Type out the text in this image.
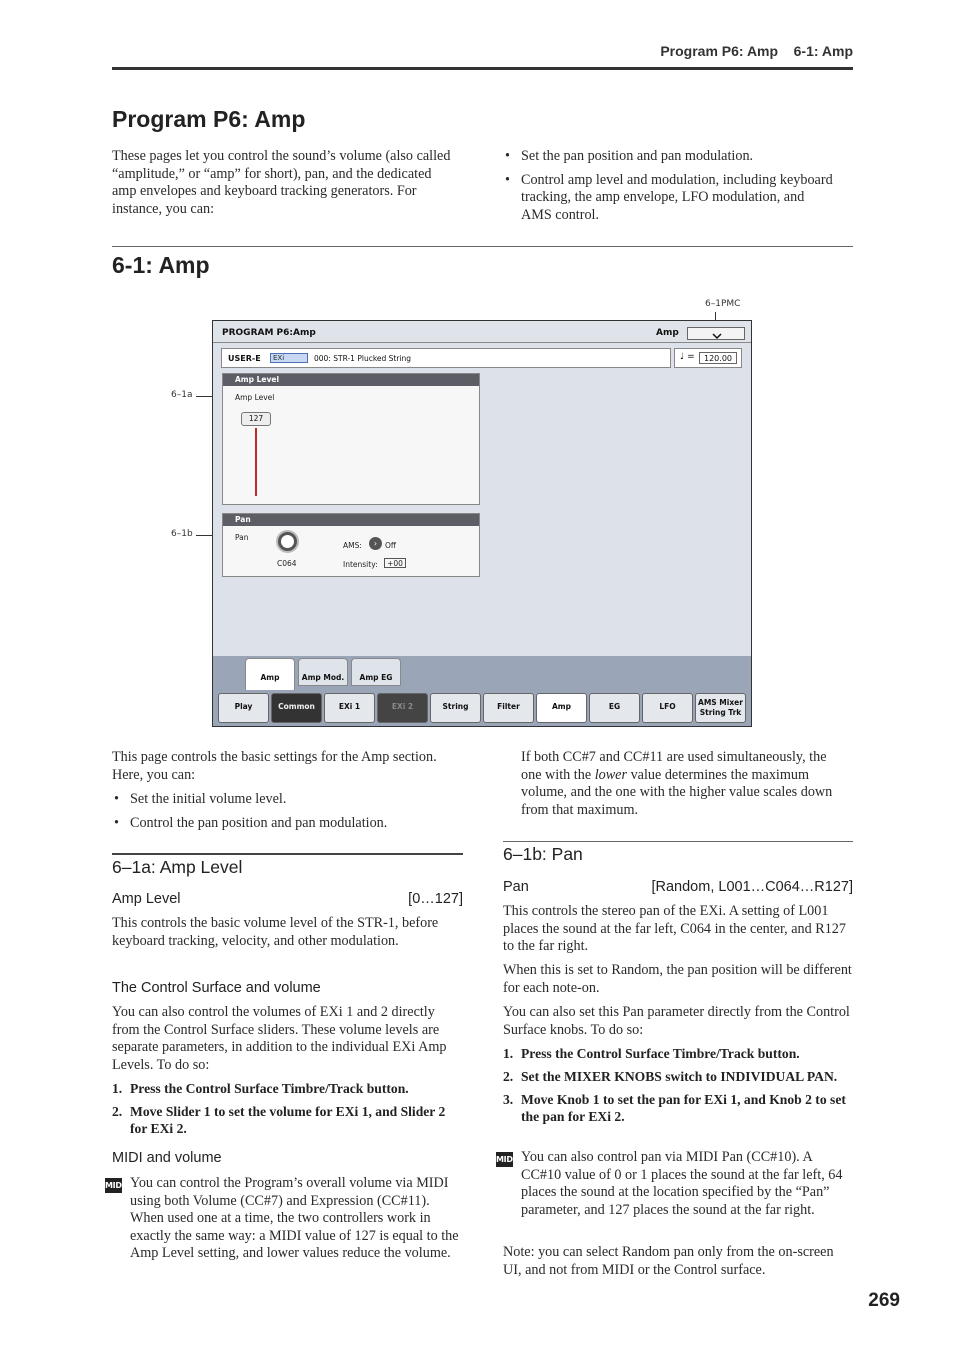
Program P6: Amp    6-1: Amp
Program P6: Amp
These pages let you control the sound’s volume (also called “amplitude,” or “amp” for short), pan, and the dedicated amp envelopes and keyboard tracking generators. For instance, you can:
• Set the pan position and pan modulation.
• Control amp level and modulation, including keyboard tracking, the amp envelope, LFO modulation, and AMS control.
6-1: Amp
6–1PMC
6–1a
6–1b
PROGRAM P6:Amp	Amp
USER-E	EXi	000: STR-1 Plucked String	♩ =	120.00
Amp Level
Amp Level
127
Pan
Pan
C064
AMS:	›	Off
Intensity:	+00
Amp	Amp Mod.	Amp EG
Play	Common	EXi 1	EXi 2	String	Filter	Amp	EG	LFO	AMS Mixer
String Trk
This page controls the basic settings for the Amp section. Here, you can:
• Set the initial volume level.
• Control the pan position and pan modulation.
6–1a: Amp Level
Amp Level	[0…127]
This controls the basic volume level of the STR-1, before keyboard tracking, velocity, and other modulation.
The Control Surface and volume
You can also control the volumes of EXi 1 and 2 directly from the Control Surface sliders. These volume levels are separate parameters, in addition to the individual EXi Amp Levels. To do so:
1. Press the Control Surface Timbre/Track button.
2. Move Slider 1 to set the volume for EXi 1, and Slider 2 for EXi 2.
MIDI and volume
MIDI You can control the Program’s overall volume via MIDI using both Volume (CC#7) and Expression (CC#11). When used one at a time, the two controllers work in exactly the same way: a MIDI value of 127 is equal to the Amp Level setting, and lower values reduce the volume.
If both CC#7 and CC#11 are used simultaneously, the one with the lower value determines the maximum volume, and the one with the higher value scales down from that maximum.
6–1b: Pan
Pan	[Random, L001…C064…R127]
This controls the stereo pan of the EXi. A setting of L001 places the sound at the far left, C064 in the center, and R127 to the far right.
When this is set to Random, the pan position will be different for each note-on.
You can also set this Pan parameter directly from the Control Surface knobs. To do so:
1. Press the Control Surface Timbre/Track button.
2. Set the MIXER KNOBS switch to INDIVIDUAL PAN.
3. Move Knob 1 to set the pan for EXi 1, and Knob 2 to set the pan for EXi 2.
MIDI You can also control pan via MIDI Pan (CC#10). A CC#10 value of 0 or 1 places the sound at the far left, 64 places the sound at the location specified by the “Pan” parameter, and 127 places the sound at the far right.
Note: you can select Random pan only from the on-screen UI, and not from MIDI or the Control surface.
269
